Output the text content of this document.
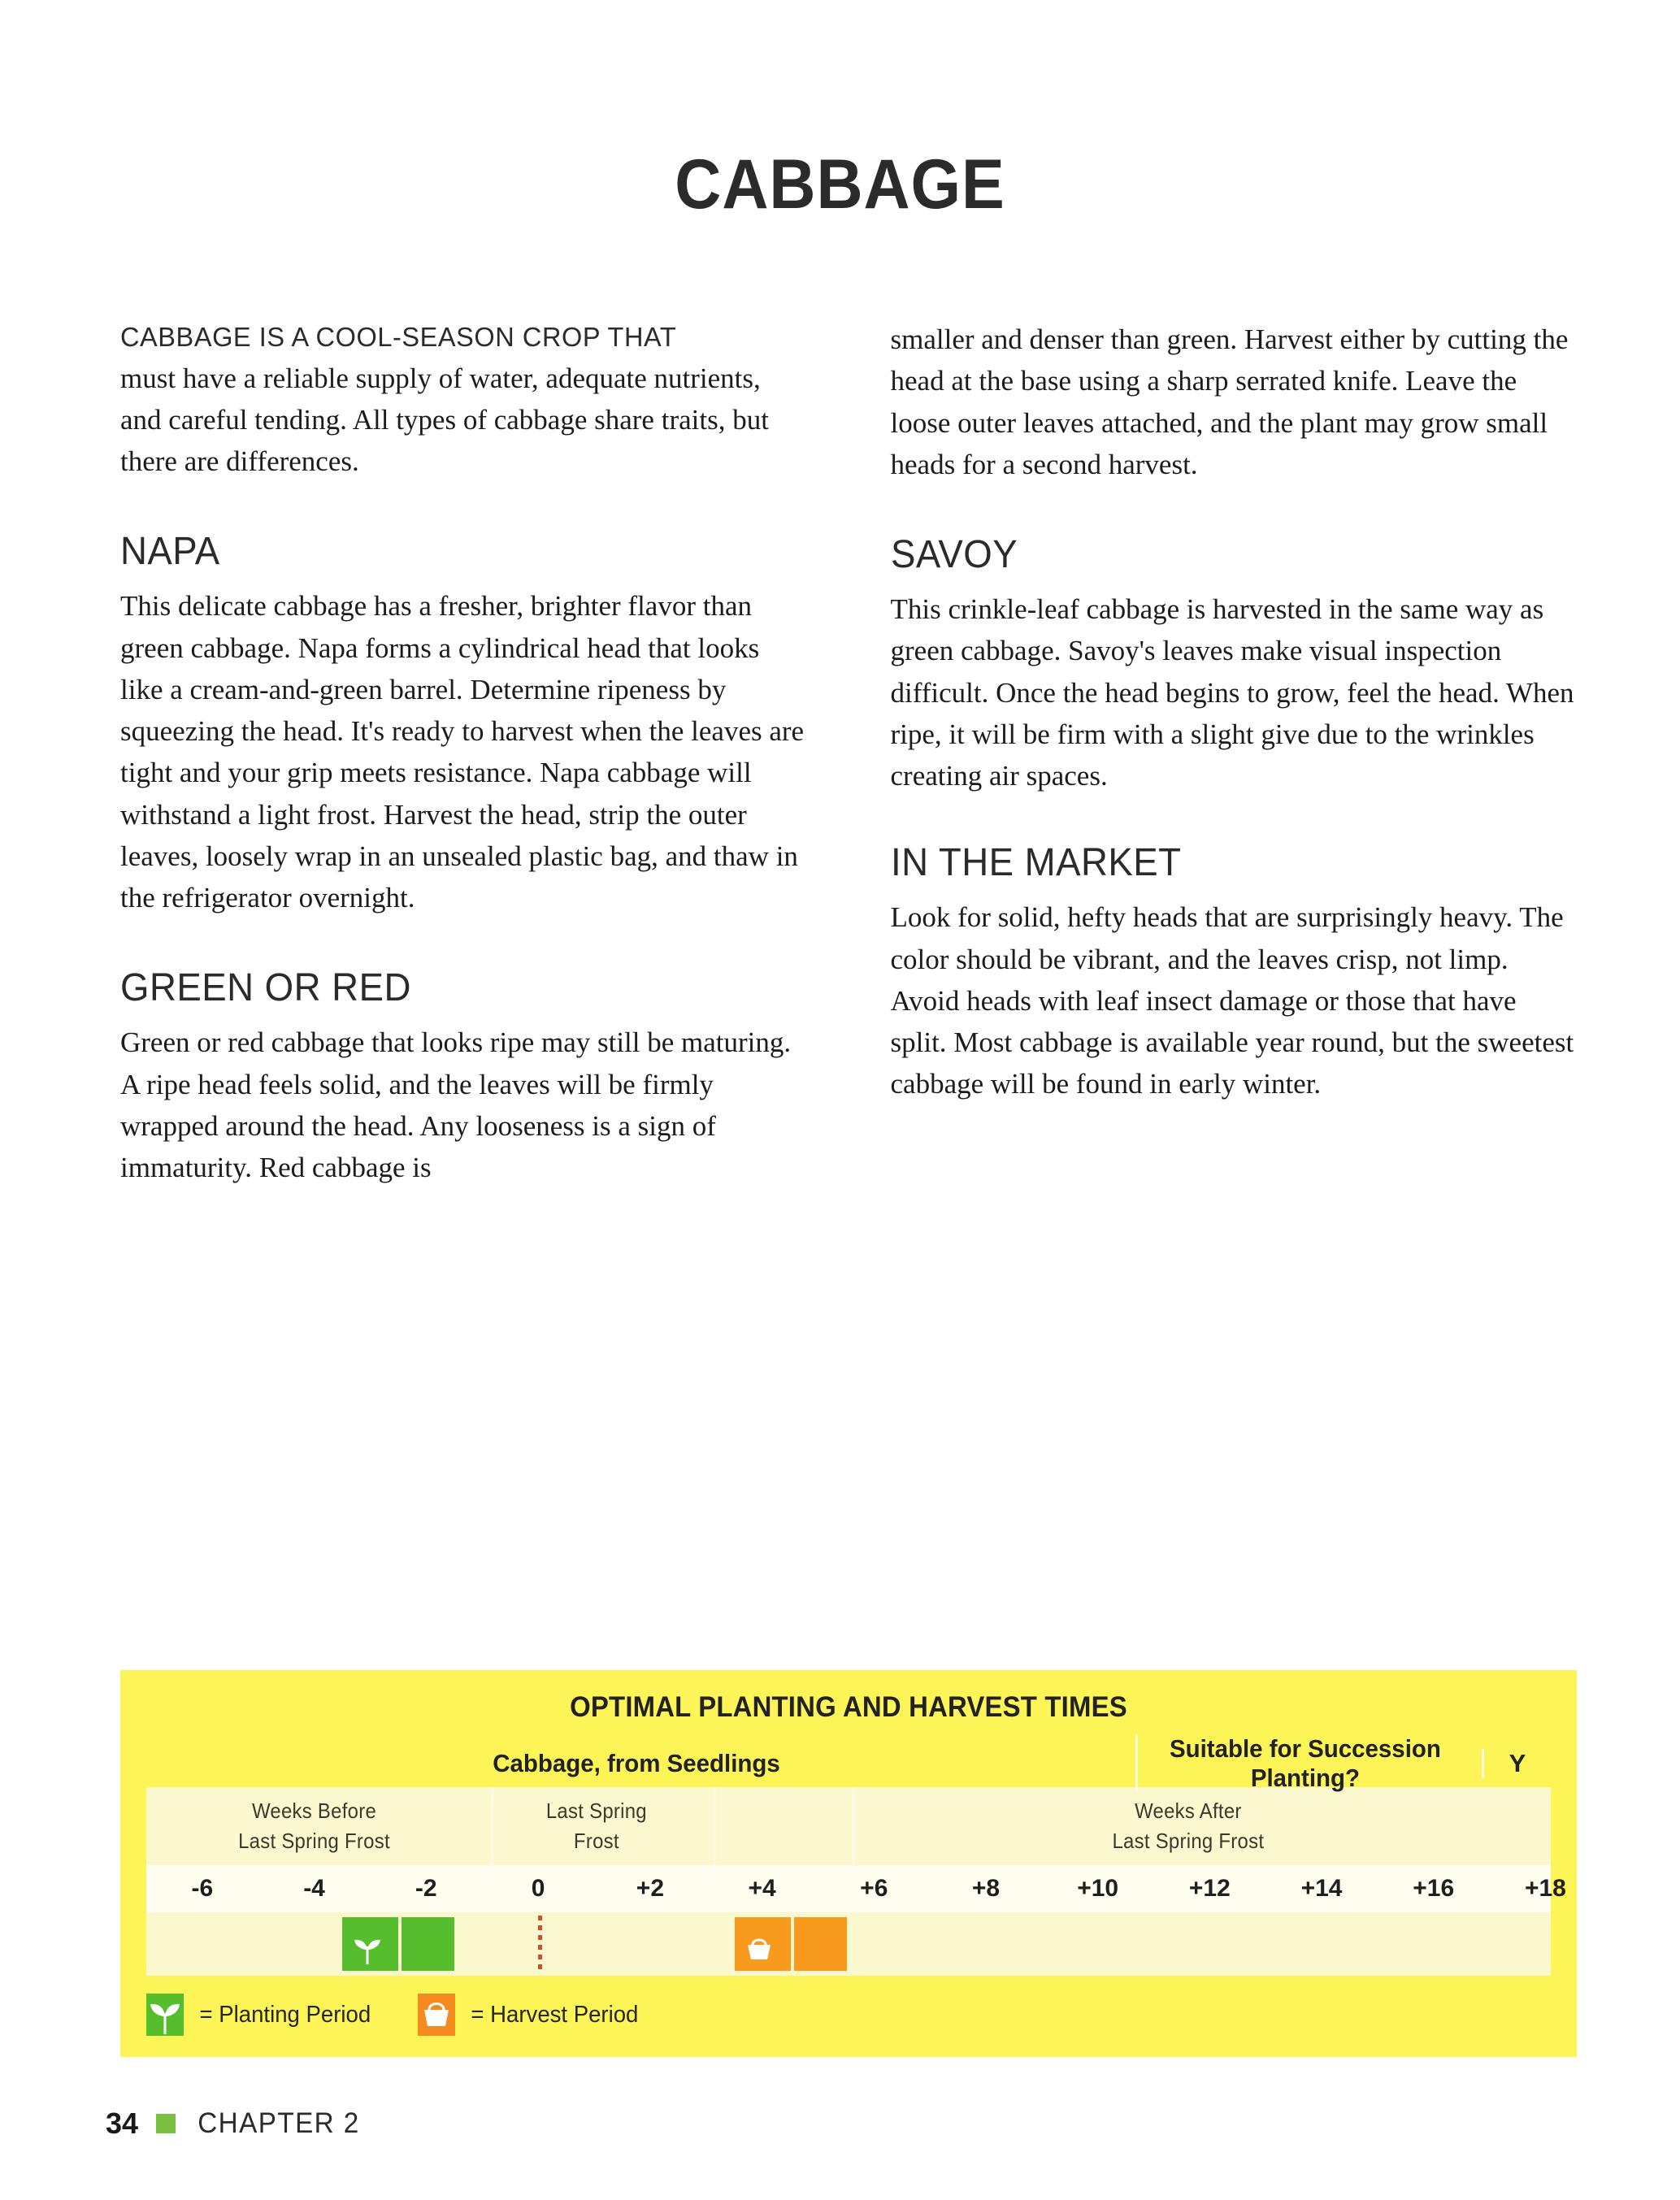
CABBAGE

CABBAGE IS A COOL-SEASON CROP THAT
must have a reliable supply of water, adequate nutrients, and careful tending. All types of cabbage share traits, but there are differences.

NAPA

This delicate cabbage has a fresher, brighter flavor than green cabbage. Napa forms a cylindrical head that looks like a cream-and-green barrel. Determine ripeness by squeezing the head. It's ready to harvest when the leaves are tight and your grip meets resistance. Napa cabbage will withstand a light frost. Harvest the head, strip the outer leaves, loosely wrap in an unsealed plastic bag, and thaw in the refrigerator overnight.

GREEN OR RED

Green or red cabbage that looks ripe may still be maturing. A ripe head feels solid, and the leaves will be firmly wrapped around the head. Any looseness is a sign of immaturity. Red cabbage is

smaller and denser than green. Harvest either by cutting the head at the base using a sharp serrated knife. Leave the loose outer leaves attached, and the plant may grow small heads for a second harvest.

SAVOY

This crinkle-leaf cabbage is harvested in the same way as green cabbage. Savoy's leaves make visual inspection difficult. Once the head begins to grow, feel the head. When ripe, it will be firm with a slight give due to the wrinkles creating air spaces.

IN THE MARKET

Look for solid, hefty heads that are surprisingly heavy. The color should be vibrant, and the leaves crisp, not limp. Avoid heads with leaf insect damage or those that have split. Most cabbage is available year round, but the sweetest cabbage will be found in early winter.

OPTIMAL PLANTING AND HARVEST TIMES
Cabbage, from Seedlings
Suitable for Succession Planting?
Y
Weeks Before
Last Spring Frost
Last Spring
Frost
Weeks After
Last Spring Frost
-6	-4	-2	0	+2	+4	+6	+8	+10	+12	+14	+16	+18
= Planting Period	= Harvest Period
34 CHAPTER 2
